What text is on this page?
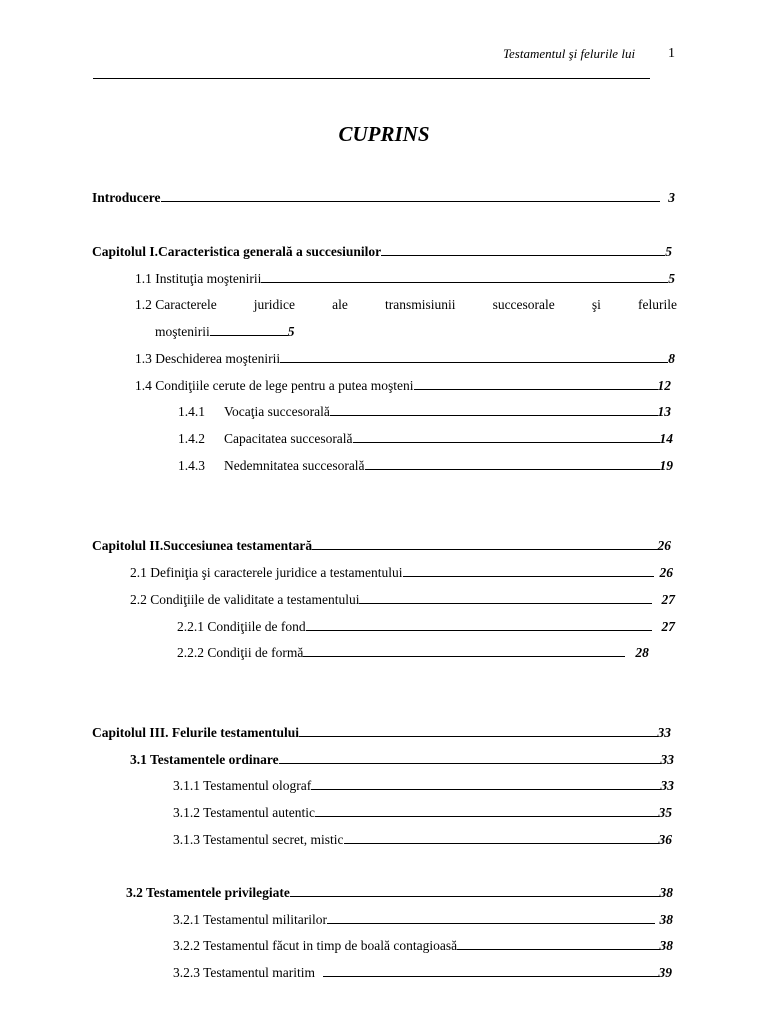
Testamentul şi felurile lui 1
CUPRINS
Introducere	3
Capitolul I.Caracteristica generală a succesiunilor	5
1.1 Instituţia moştenirii	5
1.2 Caracterele	juridice	ale	transmisiunii	succesorale	şi	felurile
moştenirii	5
1.3 Deschiderea moştenirii	8
1.4 Condiţiile cerute de lege pentru a putea moşteni	12
1.4.1	Vocaţia succesorală	13
1.4.2	Capacitatea succesorală	14
1.4.3	Nedemnitatea succesorală	19
Capitolul II.Succesiunea testamentară	26
2.1 Definiţia şi caracterele juridice a testamentului	26
2.2 Condiţiile de validitate a testamentului	27
2.2.1 Condiţiile de fond	27
2.2.2 Condiţii de formă	28
Capitolul III. Felurile testamentului	33
3.1 Testamentele ordinare	33
3.1.1 Testamentul olograf	33
3.1.2 Testamentul autentic	35
3.1.3 Testamentul secret, mistic	36
3.2 Testamentele privilegiate	38
3.2.1 Testamentul militarilor	38
3.2.2 Testamentul făcut in timp de boală contagioasă	38
3.2.3 Testamentul maritim	39
